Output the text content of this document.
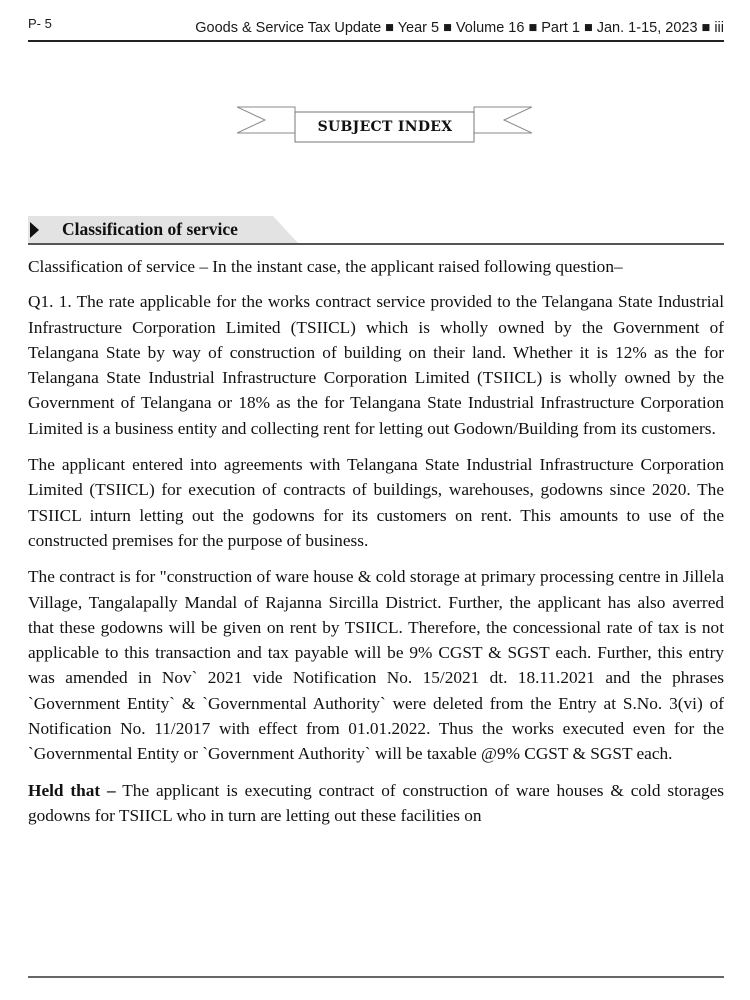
P- 5	Goods & Service Tax Update ■ Year 5 ■ Volume 16 ■ Part 1 ■ Jan. 1-15, 2023 ■ iii
SUBJECT INDEX
Classification of service

Classification of service – In the instant case, the applicant raised following question–

Q1. 1. The rate applicable for the works contract service provided to the Telangana State Industrial Infrastructure Corporation Limited (TSIICL) which is wholly owned by the Government of Telangana State by way of construction of building on their land. Whether it is 12% as the for Telangana State Industrial Infrastructure Corporation Limited (TSIICL) is wholly owned by the Government of Telangana or 18% as the for Telangana State Industrial Infrastructure Corporation Limited is a business entity and collecting rent for letting out Godown/Building from its customers.

The applicant entered into agreements with Telangana State Industrial Infrastructure Corporation Limited (TSIICL) for execution of contracts of buildings, warehouses, godowns since 2020. The TSIICL inturn letting out the godowns for its customers on rent. This amounts to use of the constructed premises for the purpose of business.

The contract is for "construction of ware house & cold storage at primary processing centre in Jillela Village, Tangalapally Mandal of Rajanna Sircilla District. Further, the applicant has also averred that these godowns will be given on rent by TSIICL. Therefore, the concessional rate of tax is not applicable to this transaction and tax payable will be 9% CGST & SGST each. Further, this entry was amended in Nov` 2021 vide Notification No. 15/2021 dt. 18.11.2021 and the phrases `Government Entity` & `Governmental Authority` were deleted from the Entry at S.No. 3(vi) of Notification No. 11/2017 with effect from 01.01.2022. Thus the works executed even for the `Governmental Entity or `Government Authority` will be taxable @9% CGST & SGST each.

Held that – The applicant is executing contract of construction of ware houses & cold storages godowns for TSIICL who in turn are letting out these facilities on
